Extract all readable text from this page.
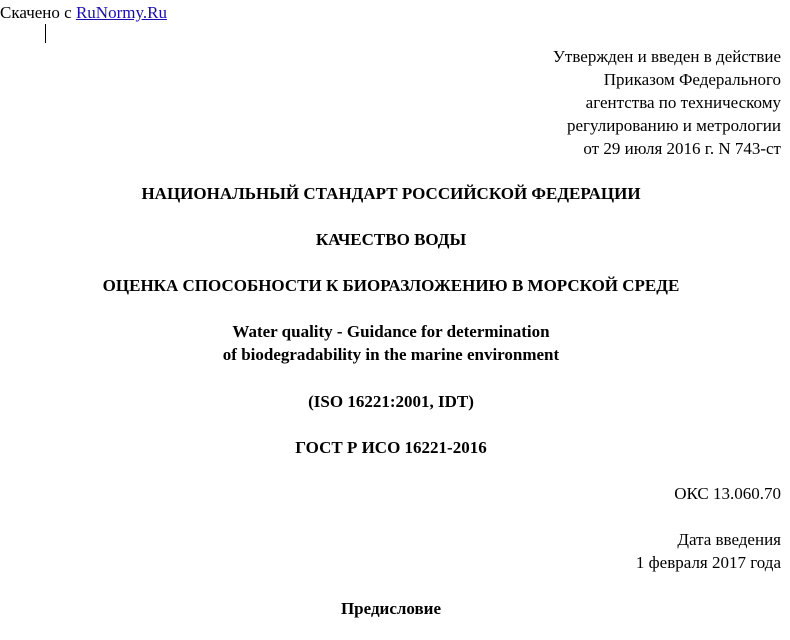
Скачено с RuNormy.Ru
Утвержден и введен в действие
Приказом Федерального
агентства по техническому
регулированию и метрологии
от 29 июля 2016 г. N 743-ст
НАЦИОНАЛЬНЫЙ СТАНДАРТ РОССИЙСКОЙ ФЕДЕРАЦИИ
КАЧЕСТВО ВОДЫ
ОЦЕНКА СПОСОБНОСТИ К БИОРАЗЛОЖЕНИЮ В МОРСКОЙ СРЕДЕ
Water quality - Guidance for determination
of biodegradability in the marine environment
(ISO 16221:2001, IDT)
ГОСТ Р ИСО 16221-2016
ОКС 13.060.70
Дата введения
1 февраля 2017 года
Предисловие
